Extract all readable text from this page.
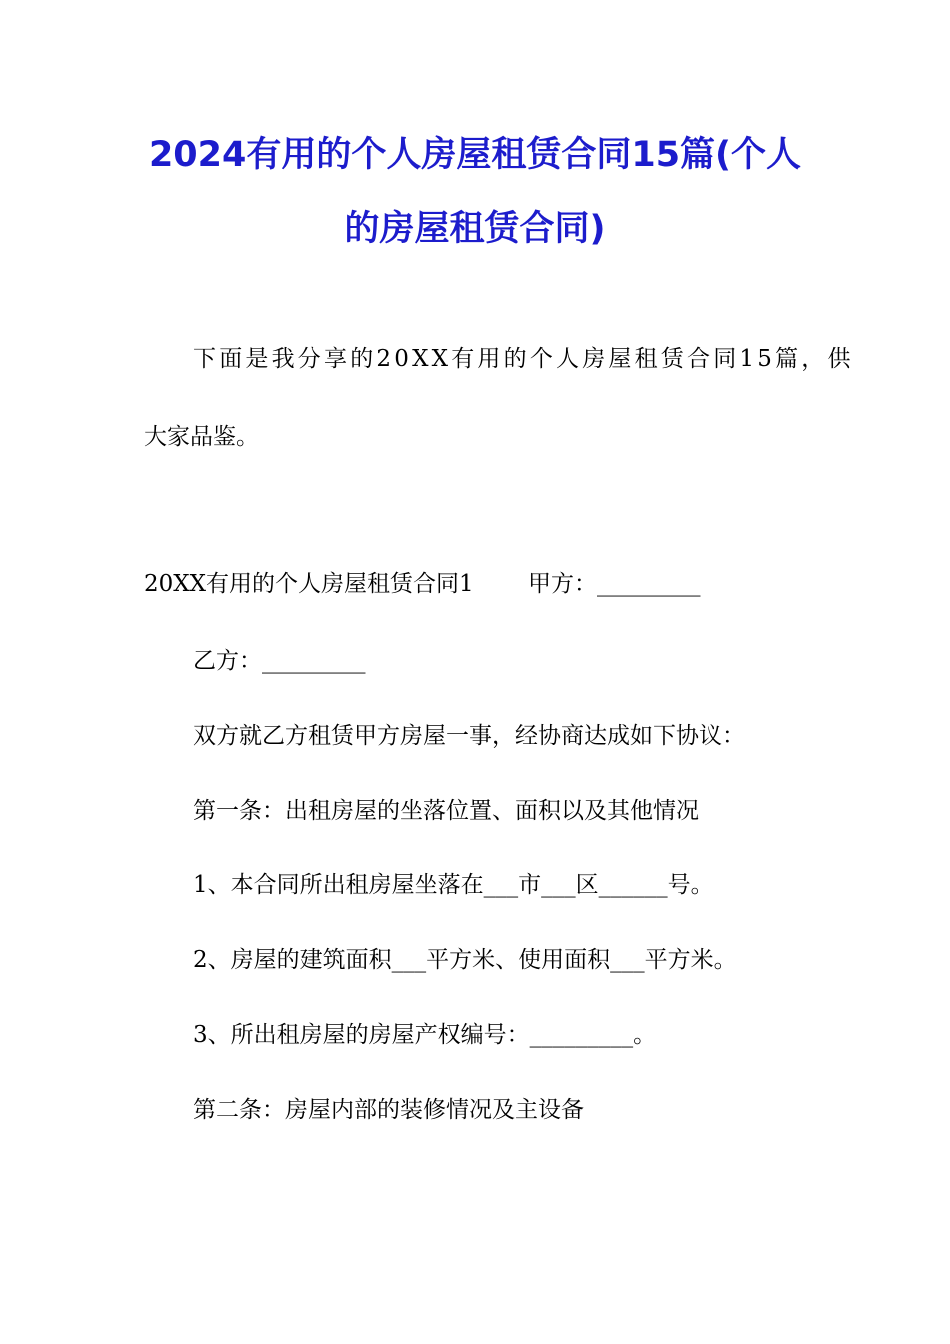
2024有用的个人房屋租赁合同15篇(个人
的房屋租赁合同)
下面是我分享的20XX有用的个人房屋租赁合同15篇，供
大家品鉴。
20XX有用的个人房屋租赁合同1 甲方：_________
乙方：_________
双方就乙方租赁甲方房屋一事，经协商达成如下协议：
第一条：出租房屋的坐落位置、面积以及其他情况
1、本合同所出租房屋坐落在___市___区______号。
2、房屋的建筑面积___平方米、使用面积___平方米。
3、所出租房屋的房屋产权编号：_________。
第二条：房屋内部的装修情况及主设备
